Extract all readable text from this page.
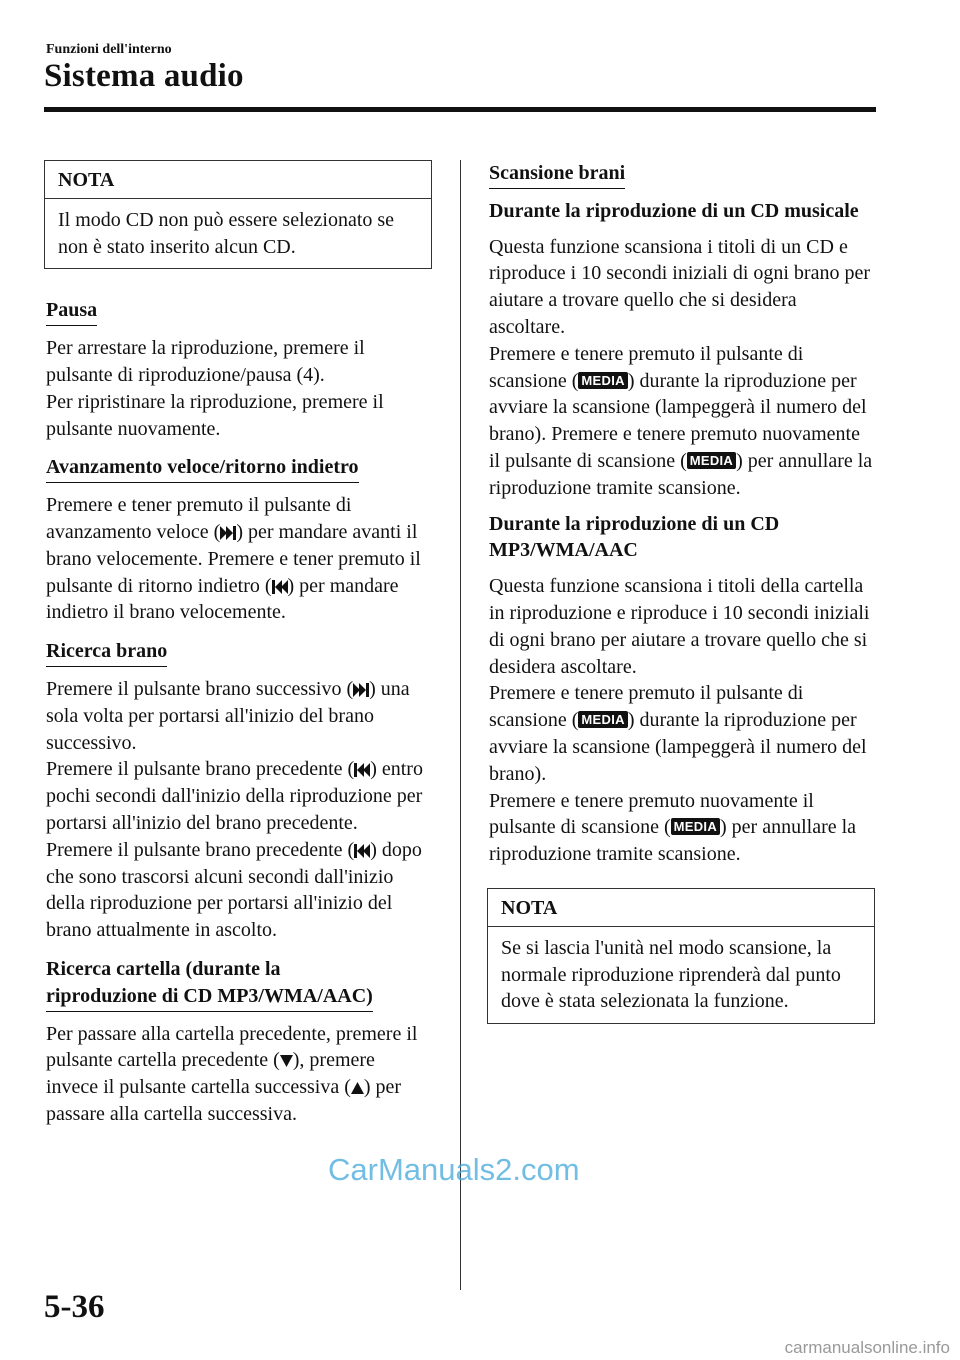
Funzioni dell'interno
Sistema audio
NOTA
Il modo CD non può essere selezionato se non è stato inserito alcun CD.
Pausa

Per arrestare la riproduzione, premere il pulsante di riproduzione/pausa (4).

Per ripristinare la riproduzione, premere il pulsante nuovamente.

Avanzamento veloce/ritorno indietro

Premere e tener premuto il pulsante di avanzamento veloce ( ) per mandare avanti il brano velocemente. Premere e tener premuto il pulsante di ritorno indietro ( ) per mandare indietro il brano velocemente.

Ricerca brano

Premere il pulsante brano successivo ( ) una sola volta per portarsi all'inizio del brano successivo.

Premere il pulsante brano precedente ( ) entro pochi secondi dall'inizio della riproduzione per portarsi all'inizio del brano precedente.

Premere il pulsante brano precedente ( ) dopo che sono trascorsi alcuni secondi dall'inizio della riproduzione per portarsi all'inizio del brano attualmente in ascolto.

Ricerca cartella (durante la
riproduzione di CD MP3/WMA/AAC)

Per passare alla cartella precedente, premere il pulsante cartella precedente ( ), premere invece il pulsante cartella successiva ( ) per passare alla cartella successiva.

Scansione brani

Durante la riproduzione di un CD musicale

Questa funzione scansiona i titoli di un CD e riproduce i 10 secondi iniziali di ogni brano per aiutare a trovare quello che si desidera ascoltare.

Premere e tenere premuto il pulsante di scansione ( MEDIA ) durante la riproduzione per avviare la scansione (lampeggerà il numero del brano). Premere e tenere premuto nuovamente il pulsante di scansione ( MEDIA ) per annullare la riproduzione tramite scansione.

Durante la riproduzione di un CD MP3/WMA/AAC

Questa funzione scansiona i titoli della cartella in riproduzione e riproduce i 10 secondi iniziali di ogni brano per aiutare a trovare quello che si desidera ascoltare.

Premere e tenere premuto il pulsante di scansione ( MEDIA ) durante la riproduzione per avviare la scansione (lampeggerà il numero del brano).

Premere e tenere premuto nuovamente il pulsante di scansione ( MEDIA ) per annullare la riproduzione tramite scansione.

NOTA
Se si lascia l'unità nel modo scansione, la normale riproduzione riprenderà dal punto dove è stata selezionata la funzione.
5-36
CarManuals2.com
carmanualsonline.info
